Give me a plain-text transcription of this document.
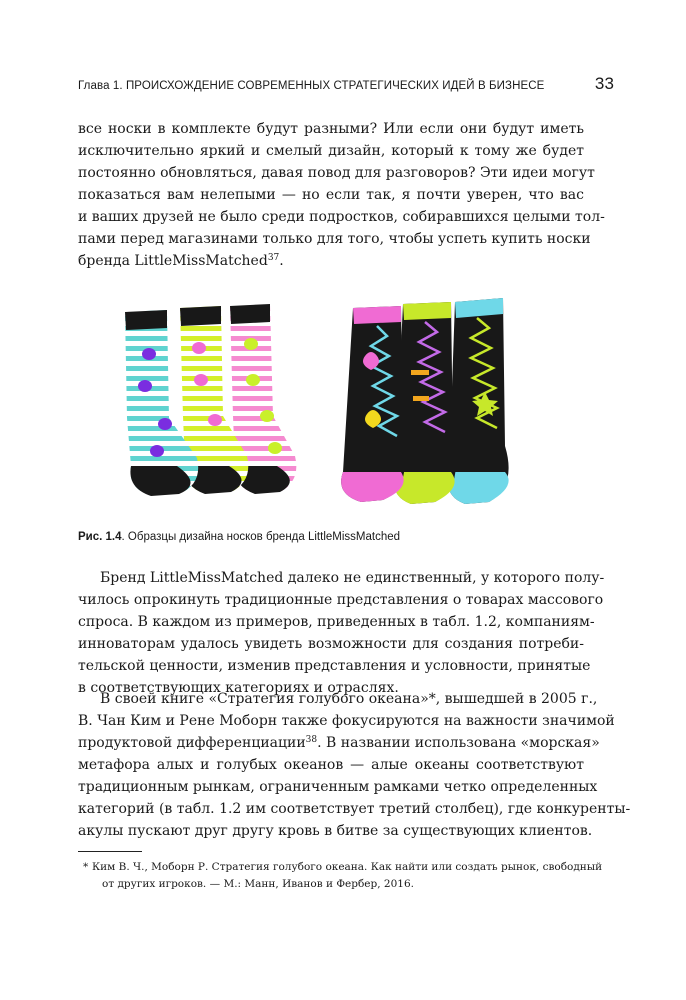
Глава 1. ПРОИСХОЖДЕНИЕ СОВРЕМЕННЫХ СТРАТЕГИЧЕСКИХ ИДЕЙ В БИЗНЕСЕ	33
все носки в комплекте будут разными? Или если они будут иметь
исключительно яркий и смелый дизайн, который к тому же будет
постоянно обновляться, давая повод для разговоров? Эти идеи могут
показаться вам нелепыми — но если так, я почти уверен, что вас
и ваших друзей не было среди подростков, собиравшихся целыми тол-
пами перед магазинами только для того, чтобы успеть купить носки
бренда LittleMissMatched$^{37}$.
Рис. 1.4. Образцы дизайна носков бренда LittleMissMatched
Бренд LittleMissMatched далеко не единственный, у которого полу-
чилось опрокинуть традиционные представления о товарах массового
спроса. В каждом из примеров, приведенных в табл. 1.2, компаниям-
инноваторам удалось увидеть возможности для создания потреби-
тельской ценности, изменив представления и условности, принятые
в соответствующих категориях и отраслях.
В своей книге «Стратегия голубого океана»*, вышедшей в 2005 г.,
В. Чан Ким и Рене Моборн также фокусируются на важности значимой
продуктовой дифференциации$^{38}$. В названии использована «морская»
метафора алых и голубых океанов — алые океаны соответствуют
традиционным рынкам, ограниченным рамками четко определенных
категорий (в табл. 1.2 им соответствует третий столбец), где конкуренты-
акулы пускают друг другу кровь в битве за существующих клиентов.
* Ким В. Ч., Моборн Р. Стратегия голубого океана. Как найти или создать рынок, свободный
от других игроков. — М.: Манн, Иванов и Фербер, 2016.
